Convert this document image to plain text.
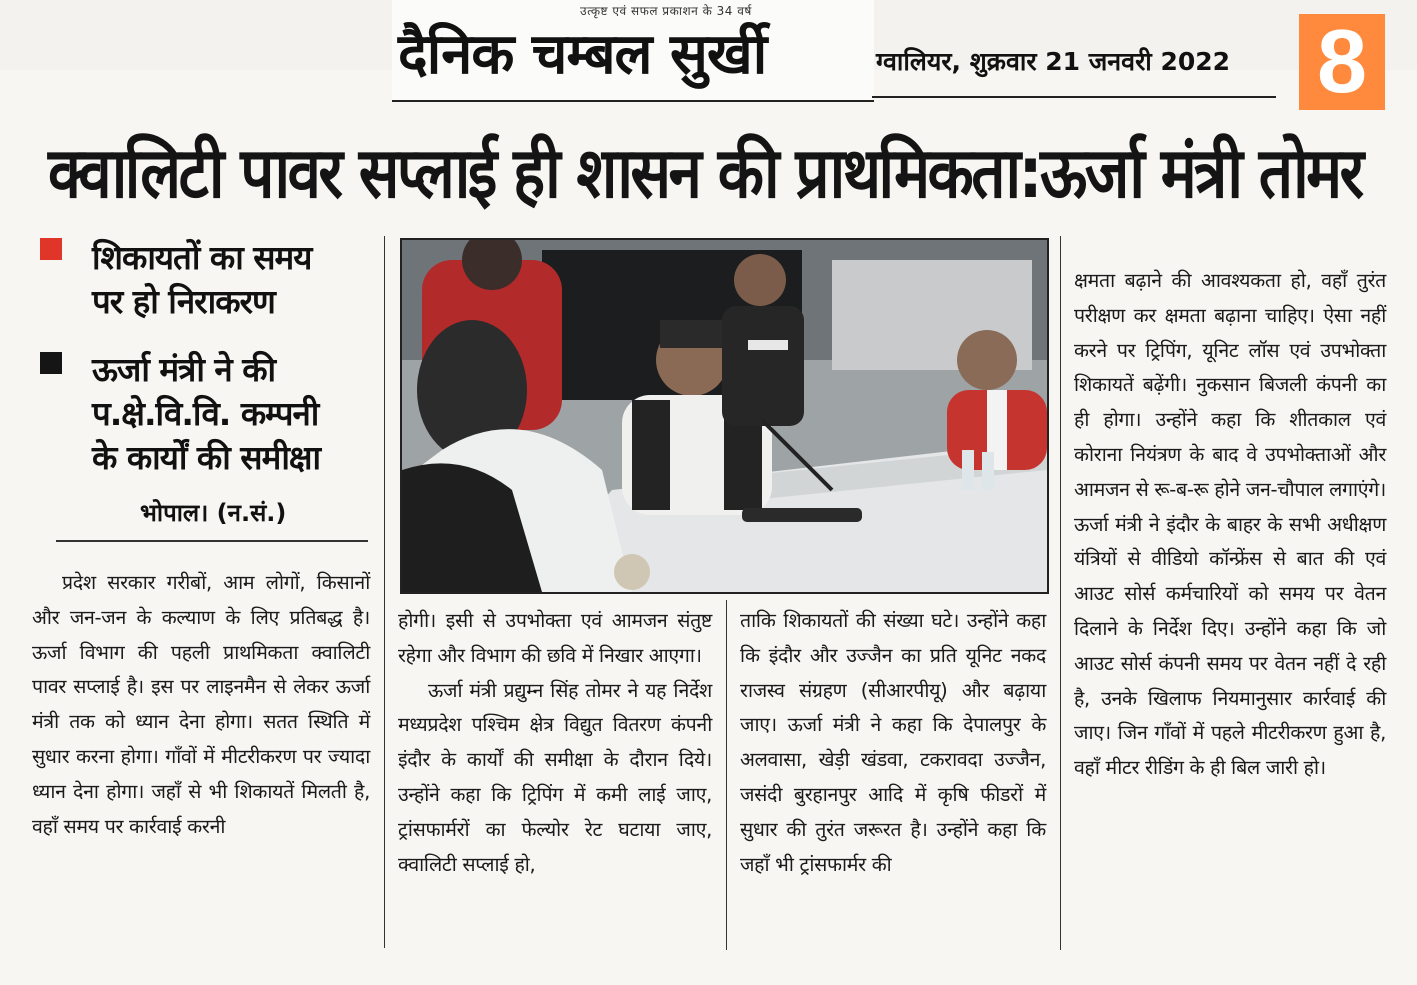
उत्कृष्ट एवं सफल प्रकाशन के 34 वर्ष
दैनिक चम्बल सुर्खी	ग्वालियर, शुक्रवार 21 जनवरी 2022 8
क्वालिटी पावर सप्लाई ही शासन की प्राथमिकता:ऊर्जा मंत्री तोमर
शिकायतों का समय
पर हो निराकरण
ऊर्जा मंत्री ने की
प.क्षे.वि.वि. कम्पनी
के कार्यों की समीक्षा
भोपाल। (न.सं.)

प्रदेश सरकार गरीबों, आम लोगों, किसानों और जन-जन के कल्याण के लिए प्रतिबद्ध है। ऊर्जा विभाग की पहली प्राथमिकता क्वालिटी पावर सप्लाई है। इस पर लाइनमैन से लेकर ऊर्जा मंत्री तक को ध्यान देना होगा। सतत स्थिति में सुधार करना होगा। गाँवों में मीटरीकरण पर ज्यादा ध्यान देना होगा। जहाँ से भी शिकायतें मिलती है, वहाँ समय पर कार्रवाई करनी

होगी। इसी से उपभोक्ता एवं आमजन संतुष्ट रहेगा और विभाग की छवि में निखार आएगा।

ऊर्जा मंत्री प्रद्युम्न सिंह तोमर ने यह निर्देश मध्यप्रदेश पश्चिम क्षेत्र विद्युत वितरण कंपनी इंदौर के कार्यों की समीक्षा के दौरान दिये। उन्होंने कहा कि ट्रिपिंग में कमी लाई जाए, ट्रांसफार्मरों का फेल्योर रेट घटाया जाए, क्वालिटी सप्लाई हो,

ताकि शिकायतों की संख्या घटे। उन्होंने कहा कि इंदौर और उज्जैन का प्रति यूनिट नकद राजस्व संग्रहण (सीआरपीयू) और बढ़ाया जाए। ऊर्जा मंत्री ने कहा कि देपालपुर के अलवासा, खेड़ी खंडवा, टकरावदा उज्जैन, जसंदी बुरहानपुर आदि में कृषि फीडरों में सुधार की तुरंत जरूरत है। उन्होंने कहा कि जहाँ भी ट्रांसफार्मर की

क्षमता बढ़ाने की आवश्यकता हो, वहाँ तुरंत परीक्षण कर क्षमता बढ़ाना चाहिए। ऐसा नहीं करने पर ट्रिपिंग, यूनिट लॉस एवं उपभोक्ता शिकायतें बढ़ेंगी। नुकसान बिजली कंपनी का ही होगा। उन्होंने कहा कि शीतकाल एवं कोराना नियंत्रण के बाद वे उपभोक्ताओं और आमजन से रू-ब-रू होने जन-चौपाल लगाएंगे। ऊर्जा मंत्री ने इंदौर के बाहर के सभी अधीक्षण यंत्रियों से वीडियो कॉन्फ्रेंस से बात की एवं आउट सोर्स कर्मचारियों को समय पर वेतन दिलाने के निर्देश दिए। उन्होंने कहा कि जो आउट सोर्स कंपनी समय पर वेतन नहीं दे रही है, उनके खिलाफ नियमानुसार कार्रवाई की जाए। जिन गाँवों में पहले मीटरीकरण हुआ है, वहाँ मीटर रीडिंग के ही बिल जारी हो।
